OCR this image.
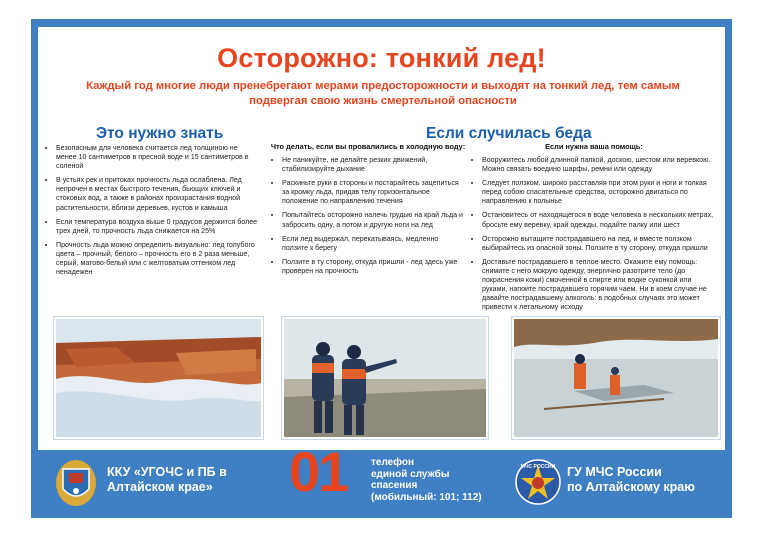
Осторожно: тонкий лед!
Каждый год многие люди пренебрегают мерами предосторожности и выходят на тонкий лед, тем самым подвергая свою жизнь смертельной опасности
Это нужно знать	Если случилась беда
• Безопасным для человека считается лед толщиною не менее 10 сантиметров в пресной воде и 15 сантиметров в соленой
• В устьях рек и притоках прочность льда ослаблена. Лед непрочен в местах быстрого течения, бьющих ключей и стоковых вод, а также в районах произрастания водной растительности, вблизи деревьев, кустов и камыша
• Если температура воздуха выше 0 градусов держится более трех дней, то прочность льда снижается на 25%
• Прочность льда можно определить визуально: лед голубого цвета – прочный, белого – прочность его в 2 раза меньше, серый, матово-белый или с желтоватым оттенком лед ненадежен
Что делать, если вы провалились в холодную воду:
• Не паникуйте, не делайте резких движений, стабилизируйте дыхание
• Раскиньте руки в стороны и постарайтесь зацепиться за кромку льда, придав телу горизонтальное положение по направлению течения
• Попытайтесь осторожно налечь грудью на край льда и забросить одну, а потом и другую ноги на лед
• Если лед выдержал, перекатываясь, медленно ползите к берегу
• Ползите в ту сторону, откуда пришли - лед здесь уже проверен на прочность
Если нужна ваша помощь:
• Вооружитесь любой длинной палкой, доскою, шестом или веревкою. Можно связать воедино шарфы, ремни или одежду
• Следует ползком, широко расставляя при этом руки и ноги и толкая перед собою спасательные средства, осторожно двигаться по направлению к полынье
• Остановитесь от находящегося в воде человека в нескольких метрах, бросьте ему веревку, край одежды, подайте палку или шест
• Осторожно вытащите пострадавшего на лед, и вместе ползком выбирайтесь из опасной зоны. Ползите в ту сторону, откуда пришли
• Доставьте пострадавшего в теплое место. Окажите ему помощь: снимите с него мокрую одежду, энергично разотрите тело (до покраснения кожи) смоченной в спирте или водке суконкой или руками, напоите пострадавшего горячим чаем. Ни в коем случае не давайте пострадавшему алкоголь: в подобных случаях это может привести к летальному исходу
ККУ «УГОЧС и ПБ в Алтайском крае»
телефон
единой службы
спасения
(мобильный: 101; 112)
МЧС РОССИИ ГУ МЧС России
по Алтайскому краю
01
